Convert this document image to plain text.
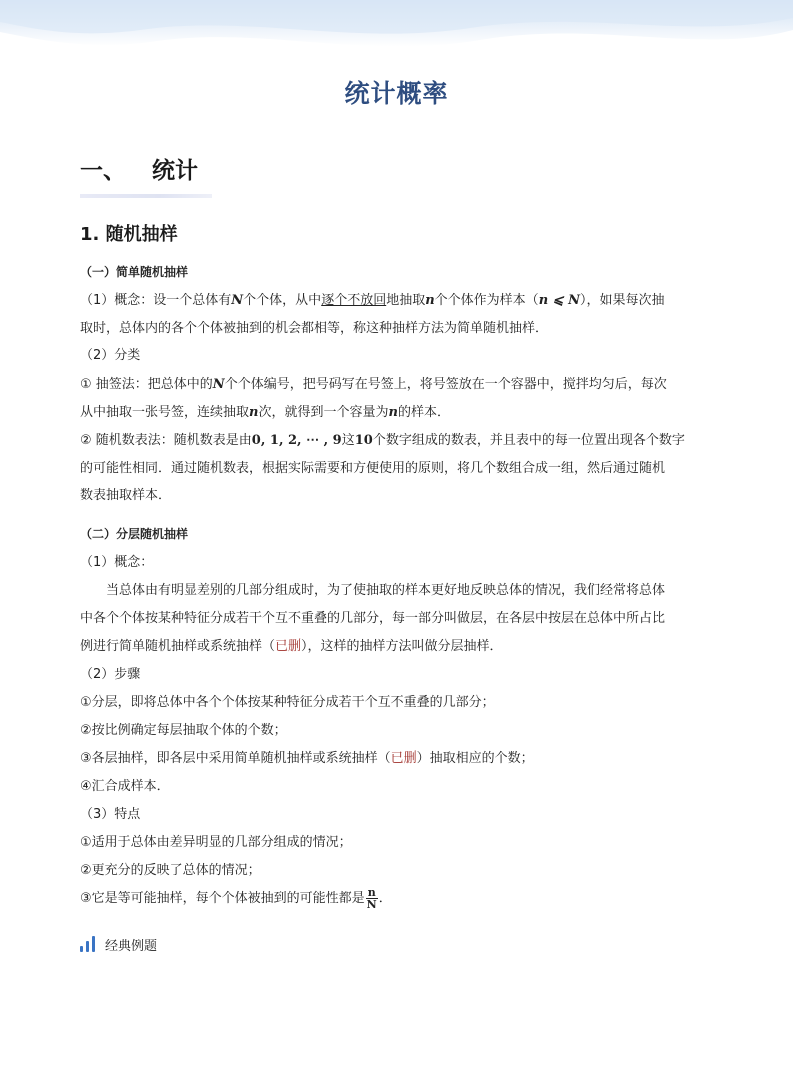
统计概率
一、 统计
1. 随机抽样
（一）简单随机抽样
（1）概念：设一个总体有N个个体，从中逐个不放回地抽取n个个体作为样本（n ⩽ N），如果每次抽
取时，总体内的各个个体被抽到的机会都相等，称这种抽样方法为简单随机抽样．
（2）分类
① 抽签法：把总体中的N个个体编号，把号码写在号签上，将号签放在一个容器中，搅拌均匀后，每次
从中抽取一张号签，连续抽取n次，就得到一个容量为n的样本．
② 随机数表法：随机数表是由0, 1, 2, ⋯ , 9这10个数字组成的数表，并且表中的每一位置出现各个数字
的可能性相同．通过随机数表，根据实际需要和方便使用的原则，将几个数组合成一组，然后通过随机
数表抽取样本．
（二）分层随机抽样
（1）概念：
当总体由有明显差别的几部分组成时，为了使抽取的样本更好地反映总体的情况，我们经常将总体
中各个个体按某种特征分成若干个互不重叠的几部分，每一部分叫做层，在各层中按层在总体中所占比
例进行简单随机抽样或系统抽样（已删），这样的抽样方法叫做分层抽样．
（2）步骤
①分层，即将总体中各个个体按某种特征分成若干个互不重叠的几部分；
②按比例确定每层抽取个体的个数；
③各层抽样，即各层中采用简单随机抽样或系统抽样（已删）抽取相应的个数；
④汇合成样本．
（3）特点
①适用于总体由差异明显的几部分组成的情况；
②更充分的反映了总体的情况；
③它是等可能抽样，每个个体被抽到的可能性都是 $\frac{n}{N}$ ．
经典例题
